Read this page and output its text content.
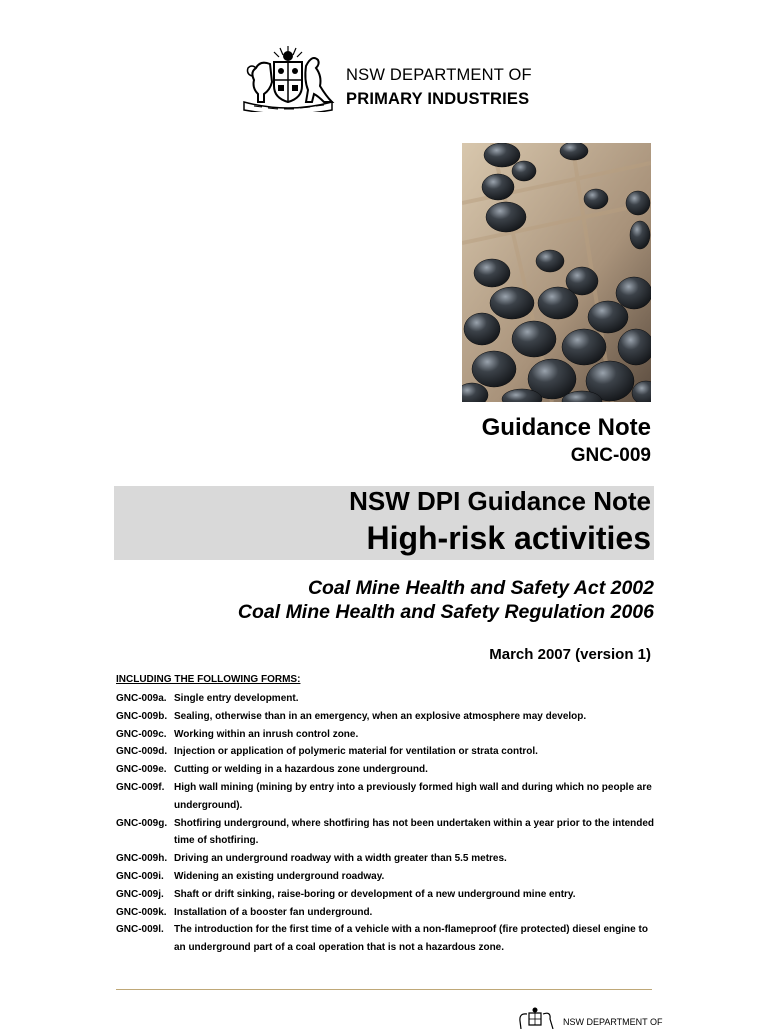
NSW DEPARTMENT OF
PRIMARY INDUSTRIES
Guidance Note
GNC-009
NSW DPI Guidance Note
High-risk activities
Coal Mine Health and Safety Act 2002
Coal Mine Health and Safety Regulation 2006
March 2007 (version 1)
INCLUDING THE FOLLOWING FORMS:
GNC-009a. Single entry development.
GNC-009b. Sealing, otherwise than in an emergency, when an explosive atmosphere may develop.
GNC-009c. Working within an inrush control zone.
GNC-009d. Injection or application of polymeric material for ventilation or strata control.
GNC-009e. Cutting or welding in a hazardous zone underground.
GNC-009f. High wall mining (mining by entry into a previously formed high wall and during which no people are underground).
GNC-009g. Shotfiring underground, where shotfiring has not been undertaken within a year prior to the intended time of shotfiring.
GNC-009h. Driving an underground roadway with a width greater than 5.5 metres.
GNC-009i. Widening an existing underground roadway.
GNC-009j. Shaft or drift sinking, raise-boring or development of a new underground mine entry.
GNC-009k. Installation of a booster fan underground.
GNC-009l. The introduction for the first time of a vehicle with a non-flameproof (fire protected) diesel engine to an underground part of a coal operation that is not a hazardous zone.
NSW DEPARTMENT OF
